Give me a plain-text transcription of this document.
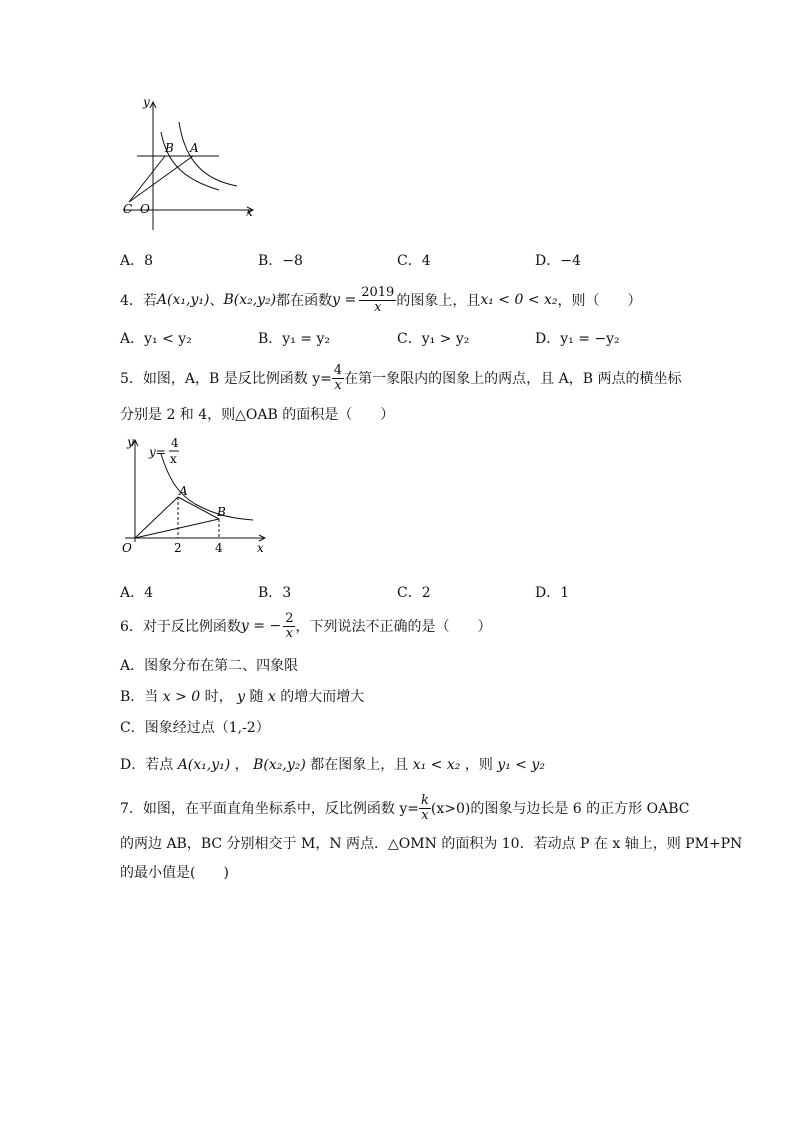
y
x
B A
C O
A．8	B．−8	C．4	D．−4
4．若 A(x₁,y₁) 、 B(x₂,y₂) 都在函数 $y = \frac{2019}{x}$ 的图象上，且 x₁ < 0 < x₂ ，则（　　）
A．y₁ < y₂	B．y₁ = y₂	C．y₁ > y₂	D．y₁ = −y₂
5．如图，A，B 是反比例函数 $y= \frac{4}{x}$ 在第一象限内的图象上的两点，且 A，B 两点的横坐标
分别是 2 和 4，则△OAB 的面积是（　　）
y
x
y=
4
x
A
B
O	2	4
A．4	B．3	C．2	D．1
6．对于反比例函数 y = − $\frac{2}{x}$ ，下列说法不正确的是（　　）
A．图象分布在第二、四象限
B．当 x > 0 时， y 随 x 的增大而增大
C．图象经过点（1,-2）
D．若点 A(x₁,y₁) ， B(x₂,y₂) 都在图象上，且 x₁ < x₂ ，则 y₁ < y₂
7．如图，在平面直角坐标系中，反比例函数 $y= \frac{k}{x} (x>0)$的图象与边长是 6 的正方形 OABC
的两边 AB，BC 分别相交于 M，N 两点．△OMN 的面积为 10．若动点 P 在 x 轴上，则 PM+PN
的最小值是(　　)
